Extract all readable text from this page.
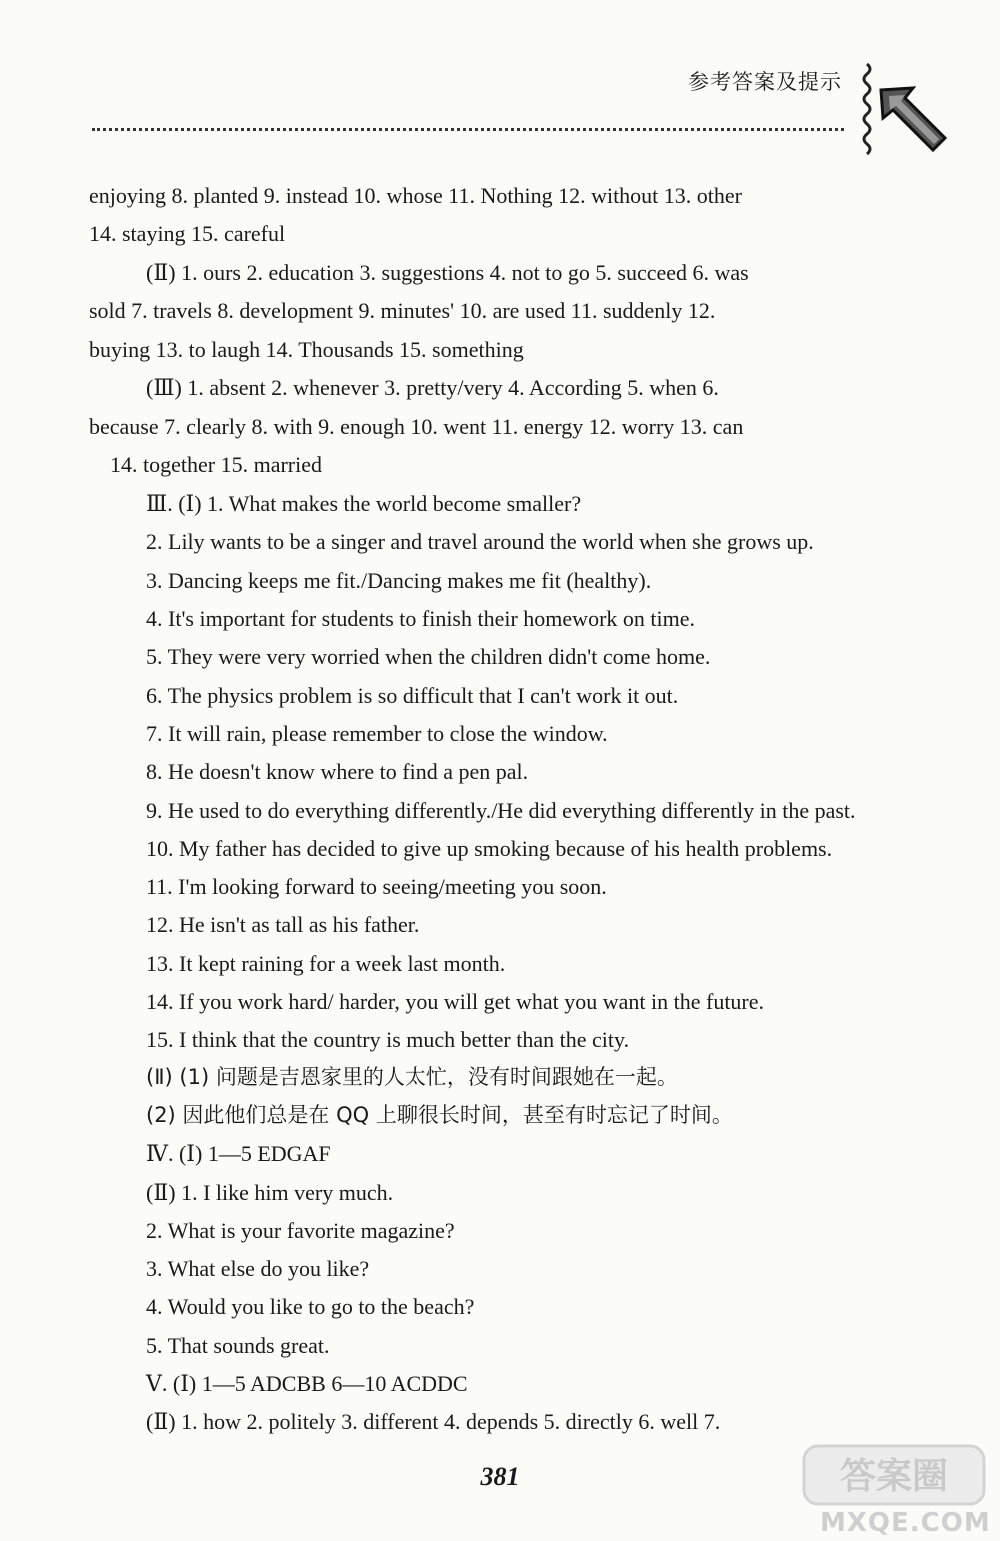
参考答案及提示
enjoying 8. planted 9. instead 10. whose 11. Nothing 12. without 13. other
14. staying 15. careful
(Ⅱ) 1. ours 2. education 3. suggestions 4. not to go 5. succeed 6. was
sold 7. travels 8. development 9. minutes' 10. are used 11. suddenly 12.
buying 13. to laugh 14. Thousands 15. something
(Ⅲ) 1. absent 2. whenever 3. pretty/very 4. According 5. when 6.
because 7. clearly 8. with 9. enough 10. went 11. energy 12. worry 13. can
14. together 15. married
Ⅲ. (Ⅰ) 1. What makes the world become smaller?
2. Lily wants to be a singer and travel around the world when she grows up.
3. Dancing keeps me fit./Dancing makes me fit (healthy).
4. It's important for students to finish their homework on time.
5. They were very worried when the children didn't come home.
6. The physics problem is so difficult that I can't work it out.
7. It will rain, please remember to close the window.
8. He doesn't know where to find a pen pal.
9. He used to do everything differently./He did everything differently in the past.
10. My father has decided to give up smoking because of his health problems.
11. I'm looking forward to seeing/meeting you soon.
12. He isn't as tall as his father.
13. It kept raining for a week last month.
14. If you work hard/ harder, you will get what you want in the future.
15. I think that the country is much better than the city.
(Ⅱ) (1) 问题是吉恩家里的人太忙，没有时间跟她在一起。
(2) 因此他们总是在 QQ 上聊很长时间，甚至有时忘记了时间。
Ⅳ. (Ⅰ) 1—5 EDGAF
(Ⅱ) 1. I like him very much.
2. What is your favorite magazine?
3. What else do you like?
4. Would you like to go to the beach?
5. That sounds great.
Ⅴ. (Ⅰ) 1—5 ADCBB 6—10 ACDDC
(Ⅱ) 1. how 2. politely 3. different 4. depends 5. directly 6. well 7.
381	答案圈
MXQE.COM
